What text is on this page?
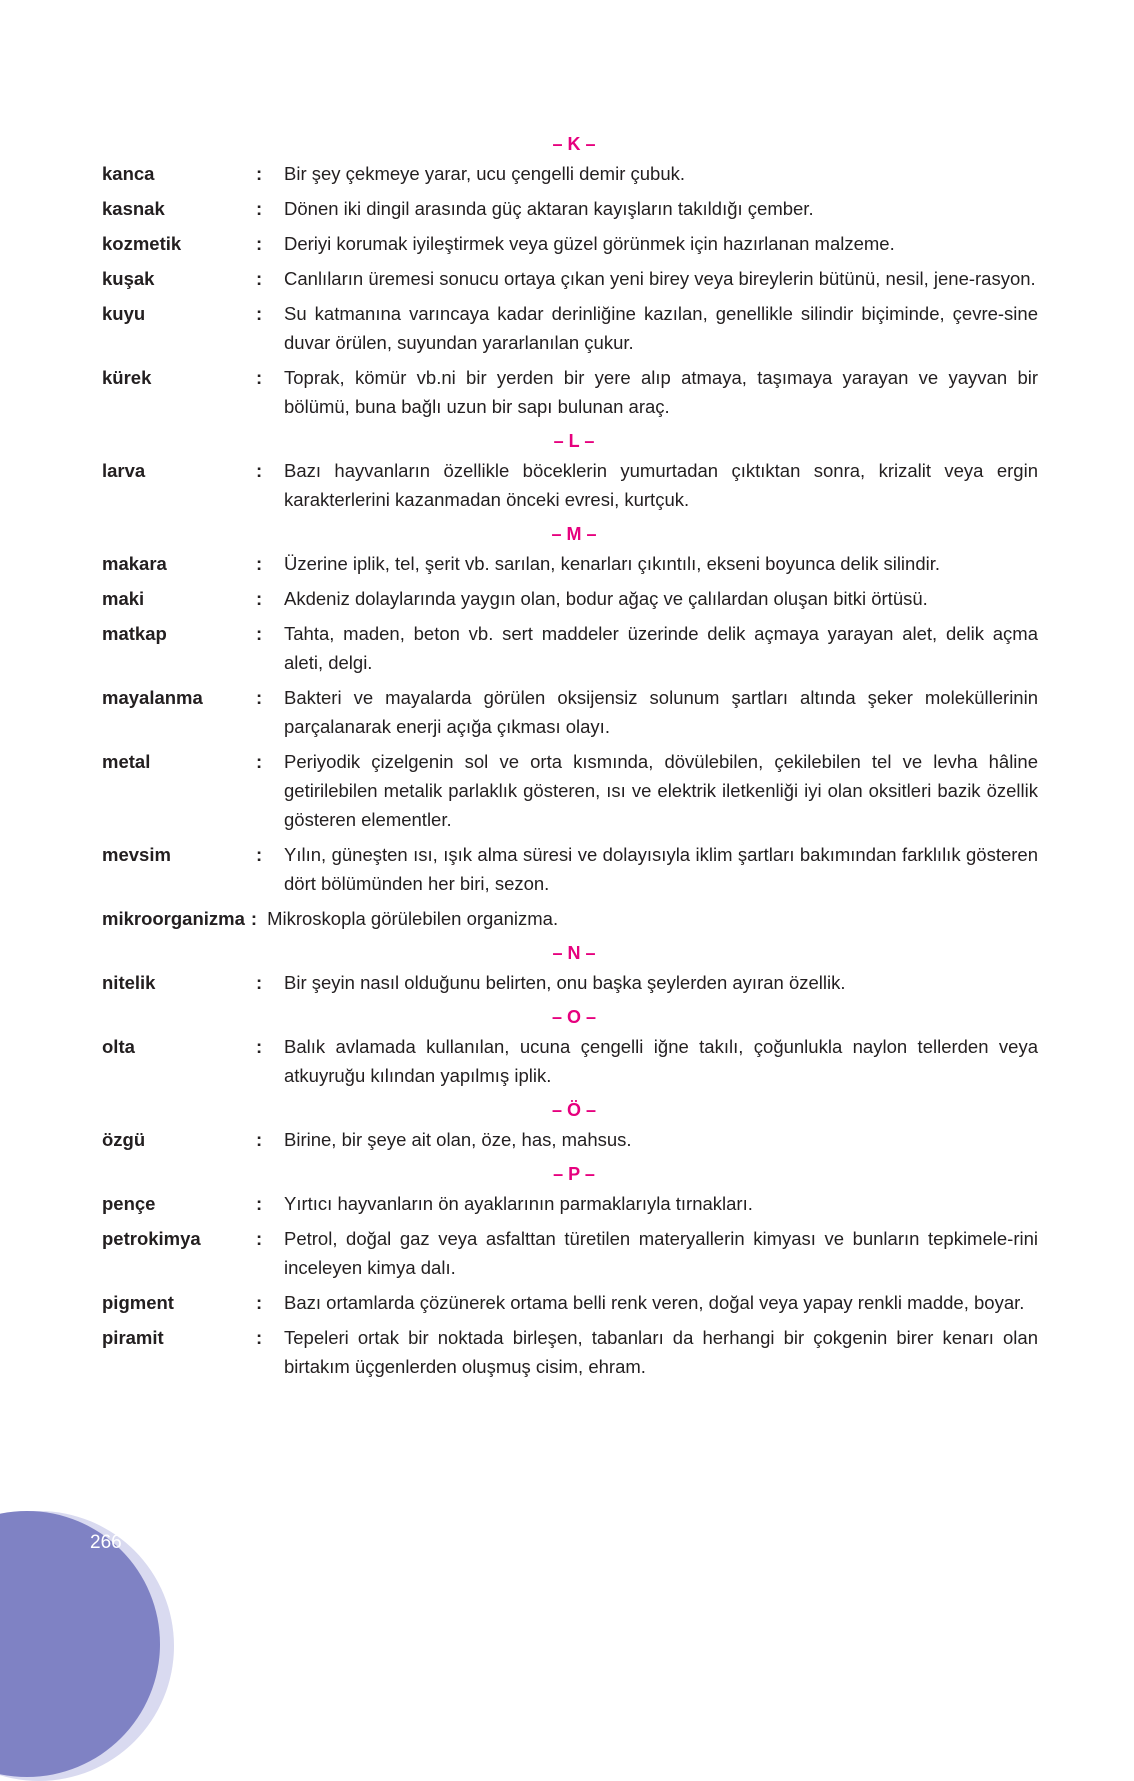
– K –
kanca	:	Bir şey çekmeye yarar, ucu çengelli demir çubuk.
kasnak	:	Dönen iki dingil arasında güç aktaran kayışların takıldığı çember.
kozmetik	:	Deriyi korumak iyileştirmek veya güzel görünmek için hazırlanan malzeme.
kuşak	:	Canlıların üremesi sonucu ortaya çıkan yeni birey veya bireylerin bütünü, nesil, jene-rasyon.
kuyu	:	Su katmanına varıncaya kadar derinliğine kazılan, genellikle silindir biçiminde, çevre-sine duvar örülen, suyundan yararlanılan çukur.
kürek	:	Toprak, kömür vb.ni bir yerden bir yere alıp atmaya, taşımaya yarayan ve yayvan bir bölümü, buna bağlı uzun bir sapı bulunan araç.
– L –
larva	:	Bazı hayvanların özellikle böceklerin yumurtadan çıktıktan sonra, krizalit veya ergin karakterlerini kazanmadan önceki evresi, kurtçuk.
– M –
makara	:	Üzerine iplik, tel, şerit vb. sarılan, kenarları çıkıntılı, ekseni boyunca delik silindir.
maki	:	Akdeniz dolaylarında yaygın olan, bodur ağaç ve çalılardan oluşan bitki örtüsü.
matkap	:	Tahta, maden, beton vb. sert maddeler üzerinde delik açmaya yarayan alet, delik açma aleti, delgi.
mayalanma	:	Bakteri ve mayalarda görülen oksijensiz solunum şartları altında şeker moleküllerinin parçalanarak enerji açığa çıkması olayı.
metal	:	Periyodik çizelgenin sol ve orta kısmında, dövülebilen, çekilebilen tel ve levha hâline getirilebilen metalik parlaklık gösteren, ısı ve elektrik iletkenliği iyi olan oksitleri bazik özellik gösteren elementler.
mevsim	:	Yılın, güneşten ısı, ışık alma süresi ve dolayısıyla iklim şartları bakımından farklılık gösteren dört bölümünden her biri, sezon.
mikroorganizma : Mikroskopla görülebilen organizma.
– N –
nitelik	:	Bir şeyin nasıl olduğunu belirten, onu başka şeylerden ayıran özellik.
– O –
olta	:	Balık avlamada kullanılan, ucuna çengelli iğne takılı, çoğunlukla naylon tellerden veya atkuyruğu kılından yapılmış iplik.
– Ö –
özgü	:	Birine, bir şeye ait olan, öze, has, mahsus.
– P –
pençe	:	Yırtıcı hayvanların ön ayaklarının parmaklarıyla tırnakları.
petrokimya	:	Petrol, doğal gaz veya asfalttan türetilen materyallerin kimyası ve bunların tepkimele-rini inceleyen kimya dalı.
pigment	:	Bazı ortamlarda çözünerek ortama belli renk veren, doğal veya yapay renkli madde, boyar.
piramit	:	Tepeleri ortak bir noktada birleşen, tabanları da herhangi bir çokgenin birer kenarı olan birtakım üçgenlerden oluşmuş cisim, ehram.
266
